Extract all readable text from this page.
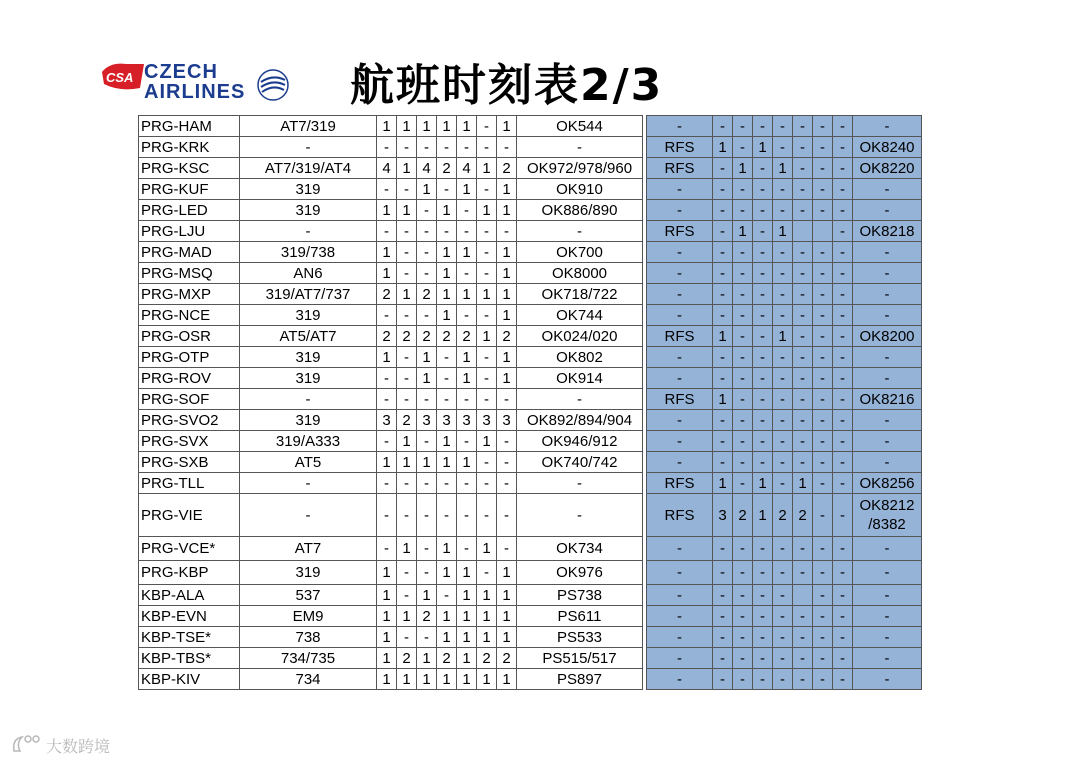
CSA CZECH
AIRLINES 航班时刻表2/3
PRG-HAM	AT7/319	1	1	1	1	1	-	1	OK544		-	-	-	-	-	-	-	-	-
PRG-KRK	-	-	-	-	-	-	-	-	-		RFS	1	-	1	-	-	-	-	OK8240
PRG-KSC	AT7/319/AT4	4	1	4	2	4	1	2	OK972/978/960		RFS	-	1	-	1	-	-	-	OK8220
PRG-KUF	319	-	-	1	-	1	-	1	OK910		-	-	-	-	-	-	-	-	-
PRG-LED	319	1	1	-	1	-	1	1	OK886/890		-	-	-	-	-	-	-	-	-
PRG-LJU	-	-	-	-	-	-	-	-	-		RFS	-	1	-	1			-	OK8218
PRG-MAD	319/738	1	-	-	1	1	-	1	OK700		-	-	-	-	-	-	-	-	-
PRG-MSQ	AN6	1	-	-	1	-	-	1	OK8000		-	-	-	-	-	-	-	-	-
PRG-MXP	319/AT7/737	2	1	2	1	1	1	1	OK718/722		-	-	-	-	-	-	-	-	-
PRG-NCE	319	-	-	-	1	-	-	1	OK744		-	-	-	-	-	-	-	-	-
PRG-OSR	AT5/AT7	2	2	2	2	2	1	2	OK024/020		RFS	1	-	-	1	-	-	-	OK8200
PRG-OTP	319	1	-	1	-	1	-	1	OK802		-	-	-	-	-	-	-	-	-
PRG-ROV	319	-	-	1	-	1	-	1	OK914		-	-	-	-	-	-	-	-	-
PRG-SOF	-	-	-	-	-	-	-	-	-		RFS	1	-	-	-	-	-	-	OK8216
PRG-SVO2	319	3	2	3	3	3	3	3	OK892/894/904		-	-	-	-	-	-	-	-	-
PRG-SVX	319/A333	-	1	-	1	-	1	-	OK946/912		-	-	-	-	-	-	-	-	-
PRG-SXB	AT5	1	1	1	1	1	-	-	OK740/742		-	-	-	-	-	-	-	-	-
PRG-TLL	-	-	-	-	-	-	-	-	-		RFS	1	-	1	-	1	-	-	OK8256
PRG-VIE	-	-	-	-	-	-	-	-	-		RFS	3	2	1	2	2	-	-	OK8212 /8382
PRG-VCE*	AT7	-	1	-	1	-	1	-	OK734		-	-	-	-	-	-	-	-	-
PRG-KBP	319	1	-	-	1	1	-	1	OK976		-	-	-	-	-	-	-	-	-
KBP-ALA	537	1	-	1	-	1	1	1	PS738		-	-	-	-	-		-	-	-
KBP-EVN	EM9	1	1	2	1	1	1	1	PS611		-	-	-	-	-	-	-	-	-
KBP-TSE*	738	1	-	-	1	1	1	1	PS533		-	-	-	-	-	-	-	-	-
KBP-TBS*	734/735	1	2	1	2	1	2	2	PS515/517		-	-	-	-	-	-	-	-	-
KBP-KIV	734	1	1	1	1	1	1	1	PS897		-	-	-	-	-	-	-	-	-
大数跨境
